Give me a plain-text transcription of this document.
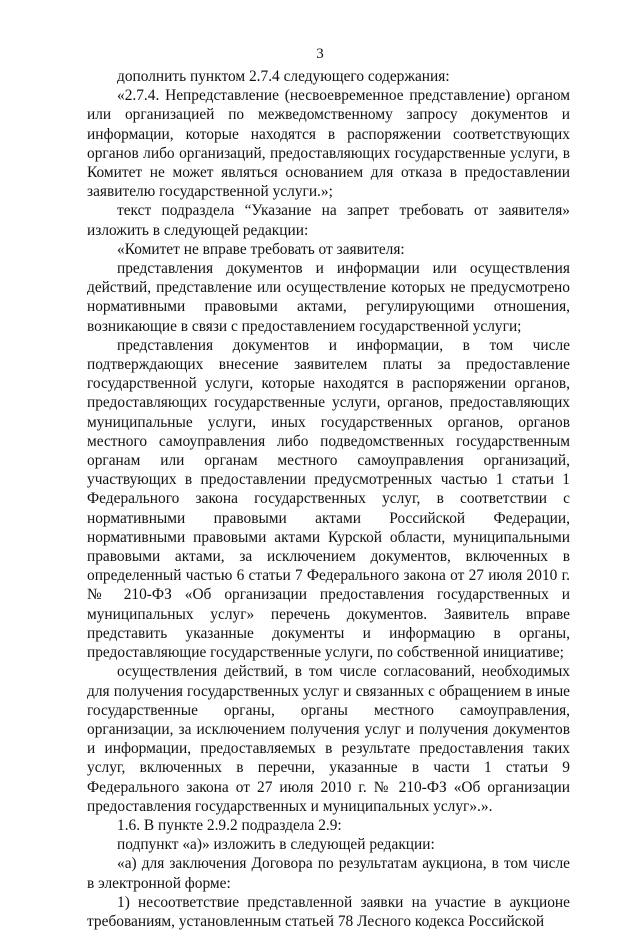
3

дополнить пунктом 2.7.4 следующего содержания:

«2.7.4. Непредставление (несвоевременное представление) органом или организацией по межведомственному запросу документов и информации, которые находятся в распоряжении соответствующих органов либо организаций, предоставляющих государственные услуги, в Комитет не может являться основанием для отказа в предоставлении заявителю государственной услуги.»;

текст подраздела “Указание на запрет требовать от заявителя» изложить в следующей редакции:

«Комитет не вправе требовать от заявителя:

представления документов и информации или осуществления действий, представление или осуществление которых не предусмотрено нормативными правовыми актами, регулирующими отношения, возникающие в связи с предоставлением государственной услуги;

представления документов и информации, в том числе подтверждающих внесение заявителем платы за предоставление государственной услуги, которые находятся в распоряжении органов, предоставляющих государственные услуги, органов, предоставляющих муниципальные услуги, иных государственных органов, органов местного самоуправления либо подведомственных государственным органам или органам местного самоуправления организаций, участвующих в предоставлении предусмотренных частью 1 статьи 1 Федерального закона государственных услуг, в соответствии с нормативными правовыми актами Российской Федерации, нормативными правовыми актами Курской области, муниципальными правовыми актами, за исключением документов, включенных в определенный частью 6 статьи 7 Федерального закона от 27 июля 2010 г. № 210-ФЗ «Об организации предоставления государственных и муниципальных услуг» перечень документов. Заявитель вправе представить указанные документы и информацию в органы, предоставляющие государственные услуги, по собственной инициативе;

осуществления действий, в том числе согласований, необходимых для получения государственных услуг и связанных с обращением в иные государственные органы, органы местного самоуправления, организации, за исключением получения услуг и получения документов и информации, предоставляемых в результате предоставления таких услуг, включенных в перечни, указанные в части 1 статьи 9 Федерального закона от 27 июля 2010 г. № 210-ФЗ «Об организации предоставления государственных и муниципальных услуг».».

1.6. В пункте 2.9.2 подраздела 2.9:

подпункт «а)» изложить в следующей редакции:

«а) для заключения Договора по результатам аукциона, в том числе в электронной форме:

1) несоответствие представленной заявки на участие в аукционе требованиям, установленным статьей 78 Лесного кодекса Российской
